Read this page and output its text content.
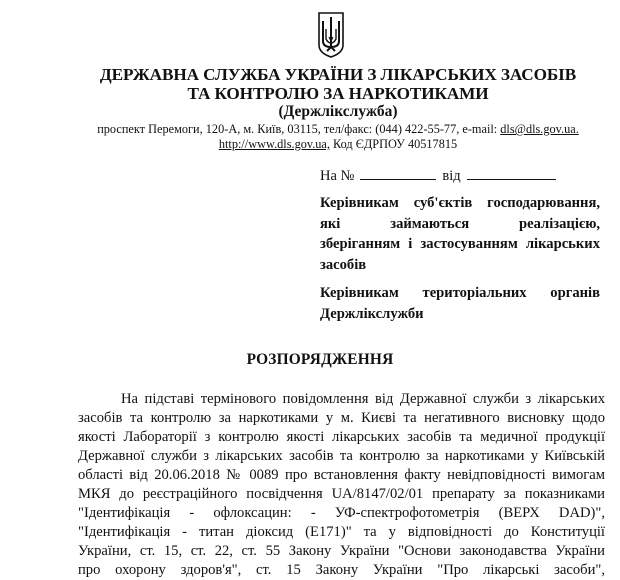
ДЕРЖАВНА СЛУЖБА УКРАЇНИ З ЛІКАРСЬКИХ ЗАСОБІВ
ТА КОНТРОЛЮ ЗА НАРКОТИКАМИ
(Держлікслужба)
проспект Перемоги, 120-А, м. Київ, 03115, тел/факс: (044) 422-55-77, e-mail: dls@dls.gov.ua.
http://www.dls.gov.ua, Код ЄДРПОУ 40517815
На №	від
Керівникам суб'єктів господарювання,
які займаються реалізацією,
зберіганням і застосуванням лікарських
засобів
Керівникам територіальних органів
Держлікслужби
РОЗПОРЯДЖЕННЯ
На підставі термінового повідомлення від Державної служби з лікарських
засобів та контролю за наркотиками у м. Києві та негативного висновку щодо
якості Лабораторії з контролю якості лікарських засобів та медичної продукції
Державної служби з лікарських засобів та контролю за наркотиками у Київській
області від 20.06.2018 № 0089 про встановлення факту невідповідності вимогам
МКЯ до реєстраційного посвідчення UA/8147/02/01 препарату за показниками
"Ідентифікація - офлоксацин: - УФ-спектрофотометрія (ВЕРХ DAD)",
"Ідентифікація - титан діоксид (Е171)" та у відповідності до Конституції
України, ст. 15, ст. 22, ст. 55 Закону України "Основи законодавства України
про охорону здоров'я", ст. 15 Закону України "Про лікарські засоби",
